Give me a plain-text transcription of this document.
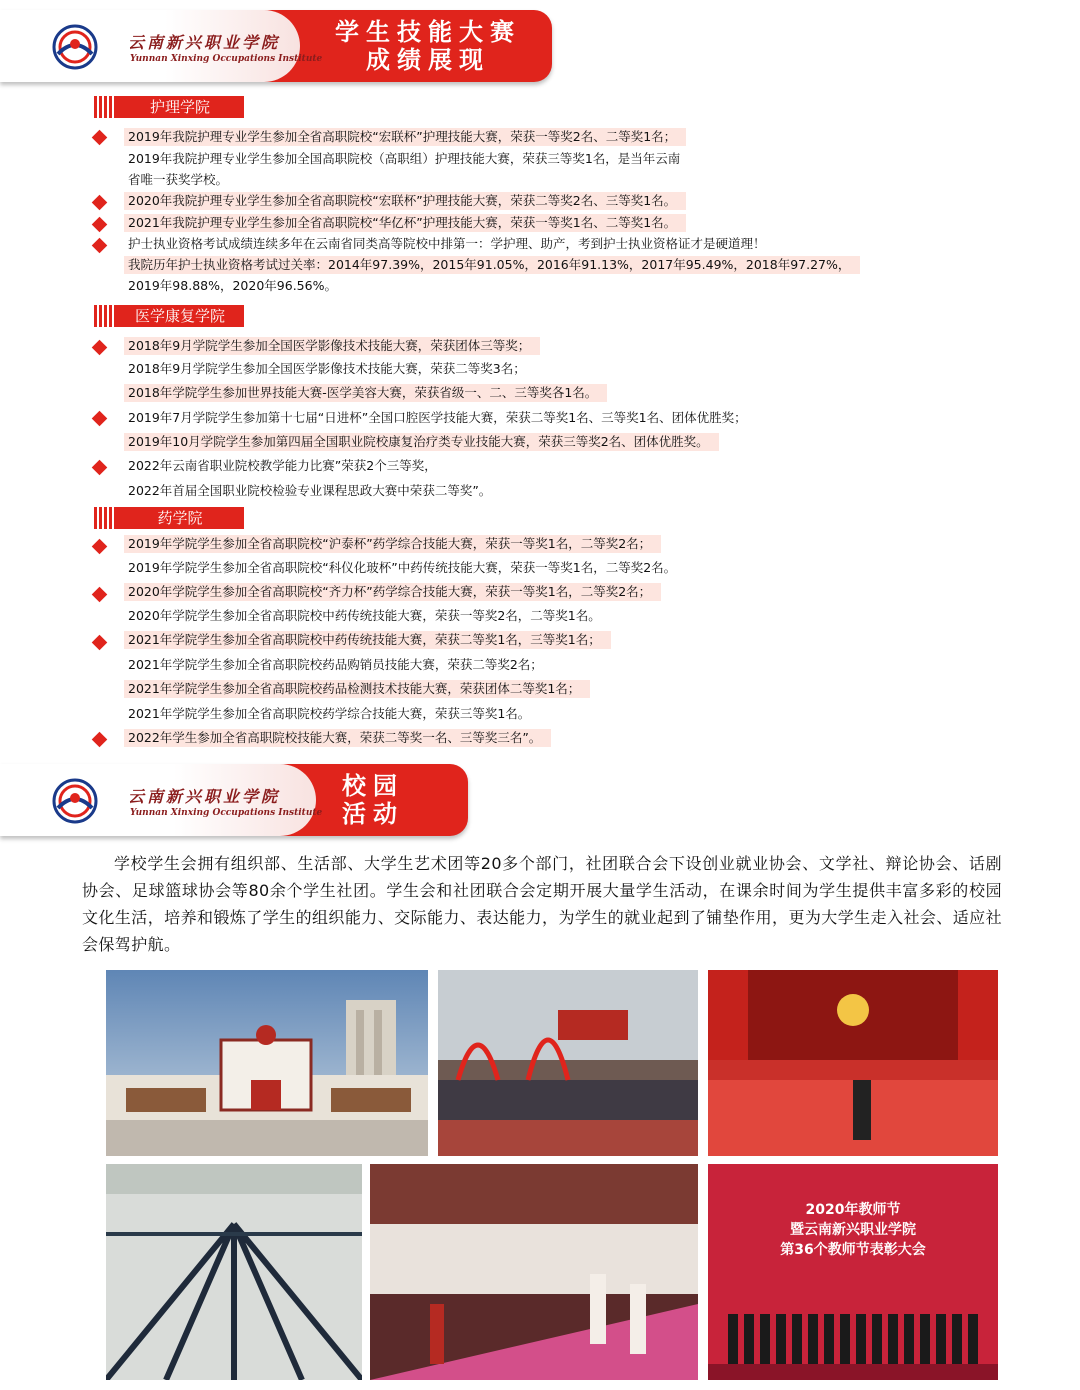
云南新兴职业学院
Yunnan Xinxing Occupations Institute
学生技能大赛
成绩展现
护理学院
2019年我院护理专业学生参加全省高职院校“宏联杯”护理技能大赛，荣获一等奖2名、二等奖1名；
2019年我院护理专业学生参加全国高职院校（高职组）护理技能大赛，荣获三等奖1名，是当年云南
省唯一获奖学校。
2020年我院护理专业学生参加全省高职院校“宏联杯”护理技能大赛，荣获二等奖2名、三等奖1名。
2021年我院护理专业学生参加全省高职院校“华亿杯”护理技能大赛，荣获一等奖1名、二等奖1名。
护士执业资格考试成绩连续多年在云南省同类高等院校中排第一：学护理、助产，考到护士执业资格证才是硬道理！
我院历年护士执业资格考试过关率：2014年97.39%，2015年91.05%，2016年91.13%，2017年95.49%，2018年97.27%，
2019年98.88%，2020年96.56%。
医学康复学院
2018年9月学院学生参加全国医学影像技术技能大赛，荣获团体三等奖；
2018年9月学院学生参加全国医学影像技术技能大赛，荣获二等奖3名；
2018年学院学生参加世界技能大赛-医学美容大赛，荣获省级一、二、三等奖各1名。
2019年7月学院学生参加第十七届“日进杯”全国口腔医学技能大赛，荣获二等奖1名、三等奖1名、团体优胜奖；
2019年10月学院学生参加第四届全国职业院校康复治疗类专业技能大赛，荣获三等奖2名、团体优胜奖。
2022年云南省职业院校教学能力比赛”荣获2个三等奖，
2022年首届全国职业院校检验专业课程思政大赛中荣获二等奖”。
药学院
2019年学院学生参加全省高职院校“沪泰杯”药学综合技能大赛，荣获一等奖1名，二等奖2名；
2019年学院学生参加全省高职院校“科仪化玻杯”中药传统技能大赛，荣获一等奖1名，二等奖2名。
2020年学院学生参加全省高职院校“齐力杯”药学综合技能大赛，荣获一等奖1名，二等奖2名；
2020年学院学生参加全省高职院校中药传统技能大赛，荣获一等奖2名，二等奖1名。
2021年学院学生参加全省高职院校中药传统技能大赛，荣获二等奖1名，三等奖1名；
2021年学院学生参加全省高职院校药品购销员技能大赛，荣获二等奖2名；
2021年学院学生参加全省高职院校药品检测技术技能大赛，荣获团体二等奖1名；
2021年学院学生参加全省高职院校药学综合技能大赛，荣获三等奖1名。
2022年学生参加全省高职院校技能大赛，荣获二等奖一名、三等奖三名”。
云南新兴职业学院
Yunnan Xinxing Occupations Institute
校园
活动
学校学生会拥有组织部、生活部、大学生艺术团等20多个部门，社团联合会下设创业就业协会、文学社、辩论协会、话剧协会、足球篮球协会等80余个学生社团。学生会和社团联合会定期开展大量学生活动，在课余时间为学生提供丰富多彩的校园文化生活，培养和锻炼了学生的组织能力、交际能力、表达能力，为学生的就业起到了铺垫作用，更为大学生走入社会、适应社会保驾护航。
2020年教师节
暨云南新兴职业学院
第36个教师节表彰大会
